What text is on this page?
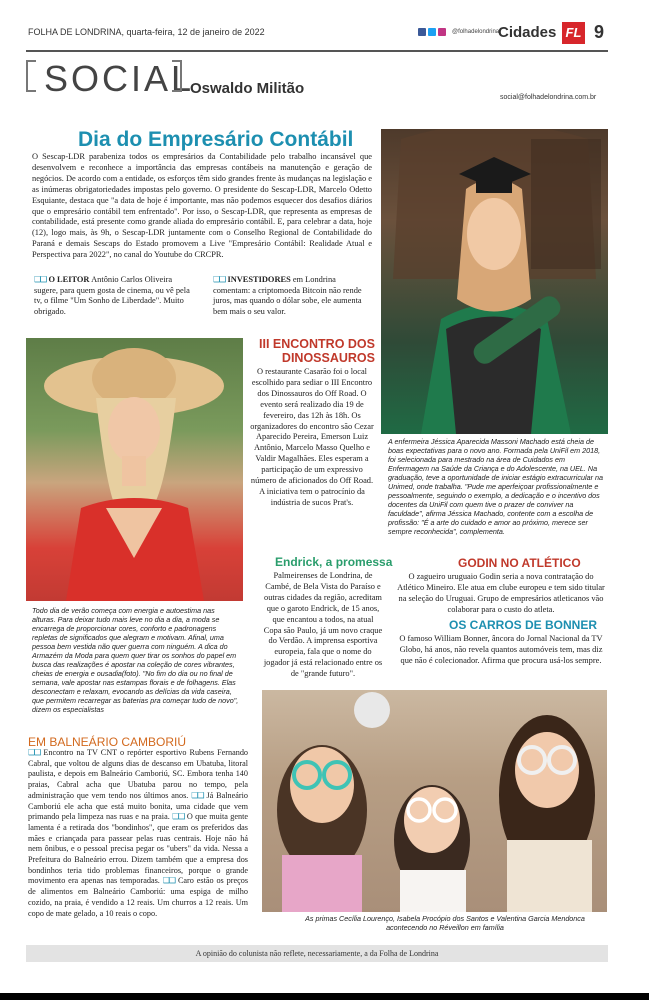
FOLHA DE LONDRINA, quarta-feira, 12 de janeiro de 2022	@folhadelondrina
Cidades FL 9
SOCIAL
Oswaldo Militão
social@folhadelondrina.com.br
Dia do Empresário Contábil
O Sescap-LDR parabeniza todos os empresários da Contabilidade pelo trabalho incansável que desenvolvem e reconhece a importância das empresas contábeis na manutenção e geração de negócios. De acordo com a entidade, os esforços têm sido grandes frente às mudanças na legislação e as inúmeras obrigatoriedades impostas pelo governo. O presidente do Sescap-LDR, Marcelo Odetto Esquiante, destaca que "a data de hoje é importante, mas não podemos esquecer dos desafios diários que o empresário contábil tem enfrentado". Por isso, o Sescap-LDR, que representa as empresas de contabilidade, está presente como grande aliada do empresário contábil. E, para celebrar a data, hoje (12), logo mais, às 9h, o Sescap-LDR juntamente com o Conselho Regional de Contabilidade do Paraná e demais Sescaps do Estado promovem a Live "Empresário Contábil: Realidade Atual e Perspectiva para 2022", no canal do Youtube do CRCPR.
❑❑ O LEITOR Antônio Carlos Oliveira sugere, para quem gosta de cinema, ou vê pela tv, o filme "Um Sonho de Liberdade". Muito obrigado.
❑❑ INVESTIDORES em Londrina comentam: a criptomoeda Bitcoin não rende juros, mas quando o dólar sobe, ele aumenta bem mais o seu valor.
A enfermeira Jéssica Aparecida Massoni Machado está cheia de boas expectativas para o novo ano. Formada pela UniFil em 2018, foi selecionada para mestrado na área de Cuidados em Enfermagem na Saúde da Criança e do Adolescente, na UEL. Na graduação, teve a oportunidade de iniciar estágio extracurricular na Unimed, onde trabalha. "Pude me aperfeiçoar profissionalmente e pessoalmente, seguindo o exemplo, a dedicação e o incentivo dos docentes da UniFil com quem tive o prazer de conviver na faculdade", afirma Jéssica Machado, contente com a escolha de profissão: "É a arte do cuidado e amor ao próximo, merece ser sempre reconhecida", complementa.
Todo dia de verão começa com energia e autoestima nas alturas. Para deixar tudo mais leve no dia a dia, a moda se encarrega de proporcionar cores, conforto e padronagens repletas de significados que alegram e motivam. Afinal, uma pessoa bem vestida não quer guerra com ninguém. A dica do Armazém da Moda para quem quer tirar os sonhos do papel em busca das realizações é apostar na coleção de cores vibrantes, cheias de energia e ousadia(foto). "No fim do dia ou no final de semana, vale apostar nas estampas florais e de folhagens. Elas desconectam e relaxam, evocando as delícias da vida caseira, que permitem recarregar as baterias pra começar tudo de novo", dizem os especialistas
III ENCONTRO DOS DINOSSAUROS
O restaurante Casarão foi o local escolhido para sediar o III Encontro dos Dinossauros do Off Road. O evento será realizado dia 19 de fevereiro, das 12h às 18h. Os organizadores do encontro são Cezar Aparecido Pereira, Emerson Luiz Antônio, Marcelo Masso Quelho e Valdir Magalhães. Eles esperam a participação de um expressivo número de aficionados do Off Road. A iniciativa tem o patrocínio da indústria de sucos Prat's.
Endrick, a promessa
Palmeirenses de Londrina, de Cambé, de Bela Vista do Paraíso e outras cidades da região, acreditam que o garoto Endrick, de 15 anos, que encantou a todos, na atual Copa são Paulo, já um novo craque do Verdão. A imprensa esportiva europeia, fala que o nome do jogador já está relacionado entre os de "grande futuro".
GODIN NO ATLÉTICO
O zagueiro uruguaio Godin seria a nova contratação do Atlético Mineiro. Ele atua em clube europeu e tem sido titular na seleção do Uruguai. Grupo de empresários atleticanos vão colaborar para o custo do atleta.
OS CARROS DE BONNER
O famoso William Bonner, âncora do Jornal Nacional da TV Globo, há anos, não revela quantos automóveis tem, mas diz que não é colecionador. Afirma que procura usá-los sempre.
EM BALNEÁRIO CAMBORIÚ
❑❑ Encontro na TV CNT o repórter esportivo Rubens Fernando Cabral, que voltou de alguns dias de descanso em Ubatuba, litoral paulista, e depois em Balneário Camboriú, SC. Embora tenha 140 praias, Cabral acha que Ubatuba parou no tempo, pela administração que vem tendo nos últimos anos. ❑❑ Já Balneário Camboriú ele acha que está muito bonita, uma cidade que vem primando pela limpeza nas ruas e na praia. ❑❑ O que muita gente lamenta é a retirada dos "bondinhos", que eram os preferidos das mães e criançada para passear pelas ruas centrais. Hoje não há nem ônibus, e o pessoal precisa pegar os "ubers" da vida. Nessa a Prefeitura do Balneário errou. Dizem também que a empresa dos bondinhos teria tido problemas financeiros, porque o grande movimento era apenas nas temporadas. ❑❑ Caro estão os preços de alimentos em Balneário Camboriú: uma espiga de milho cozido, na praia, é vendido a 12 reais. Um churros a 12 reais. Um copo de mate gelado, a 10 reais o copo.
As primas Cecília Lourenço, Isabela Procópio dos Santos e Valentina Garcia Mendonca acontecendo no Réveillon em família
A opinião do colunista não reflete, necessariamente, a da Folha de Londrina
